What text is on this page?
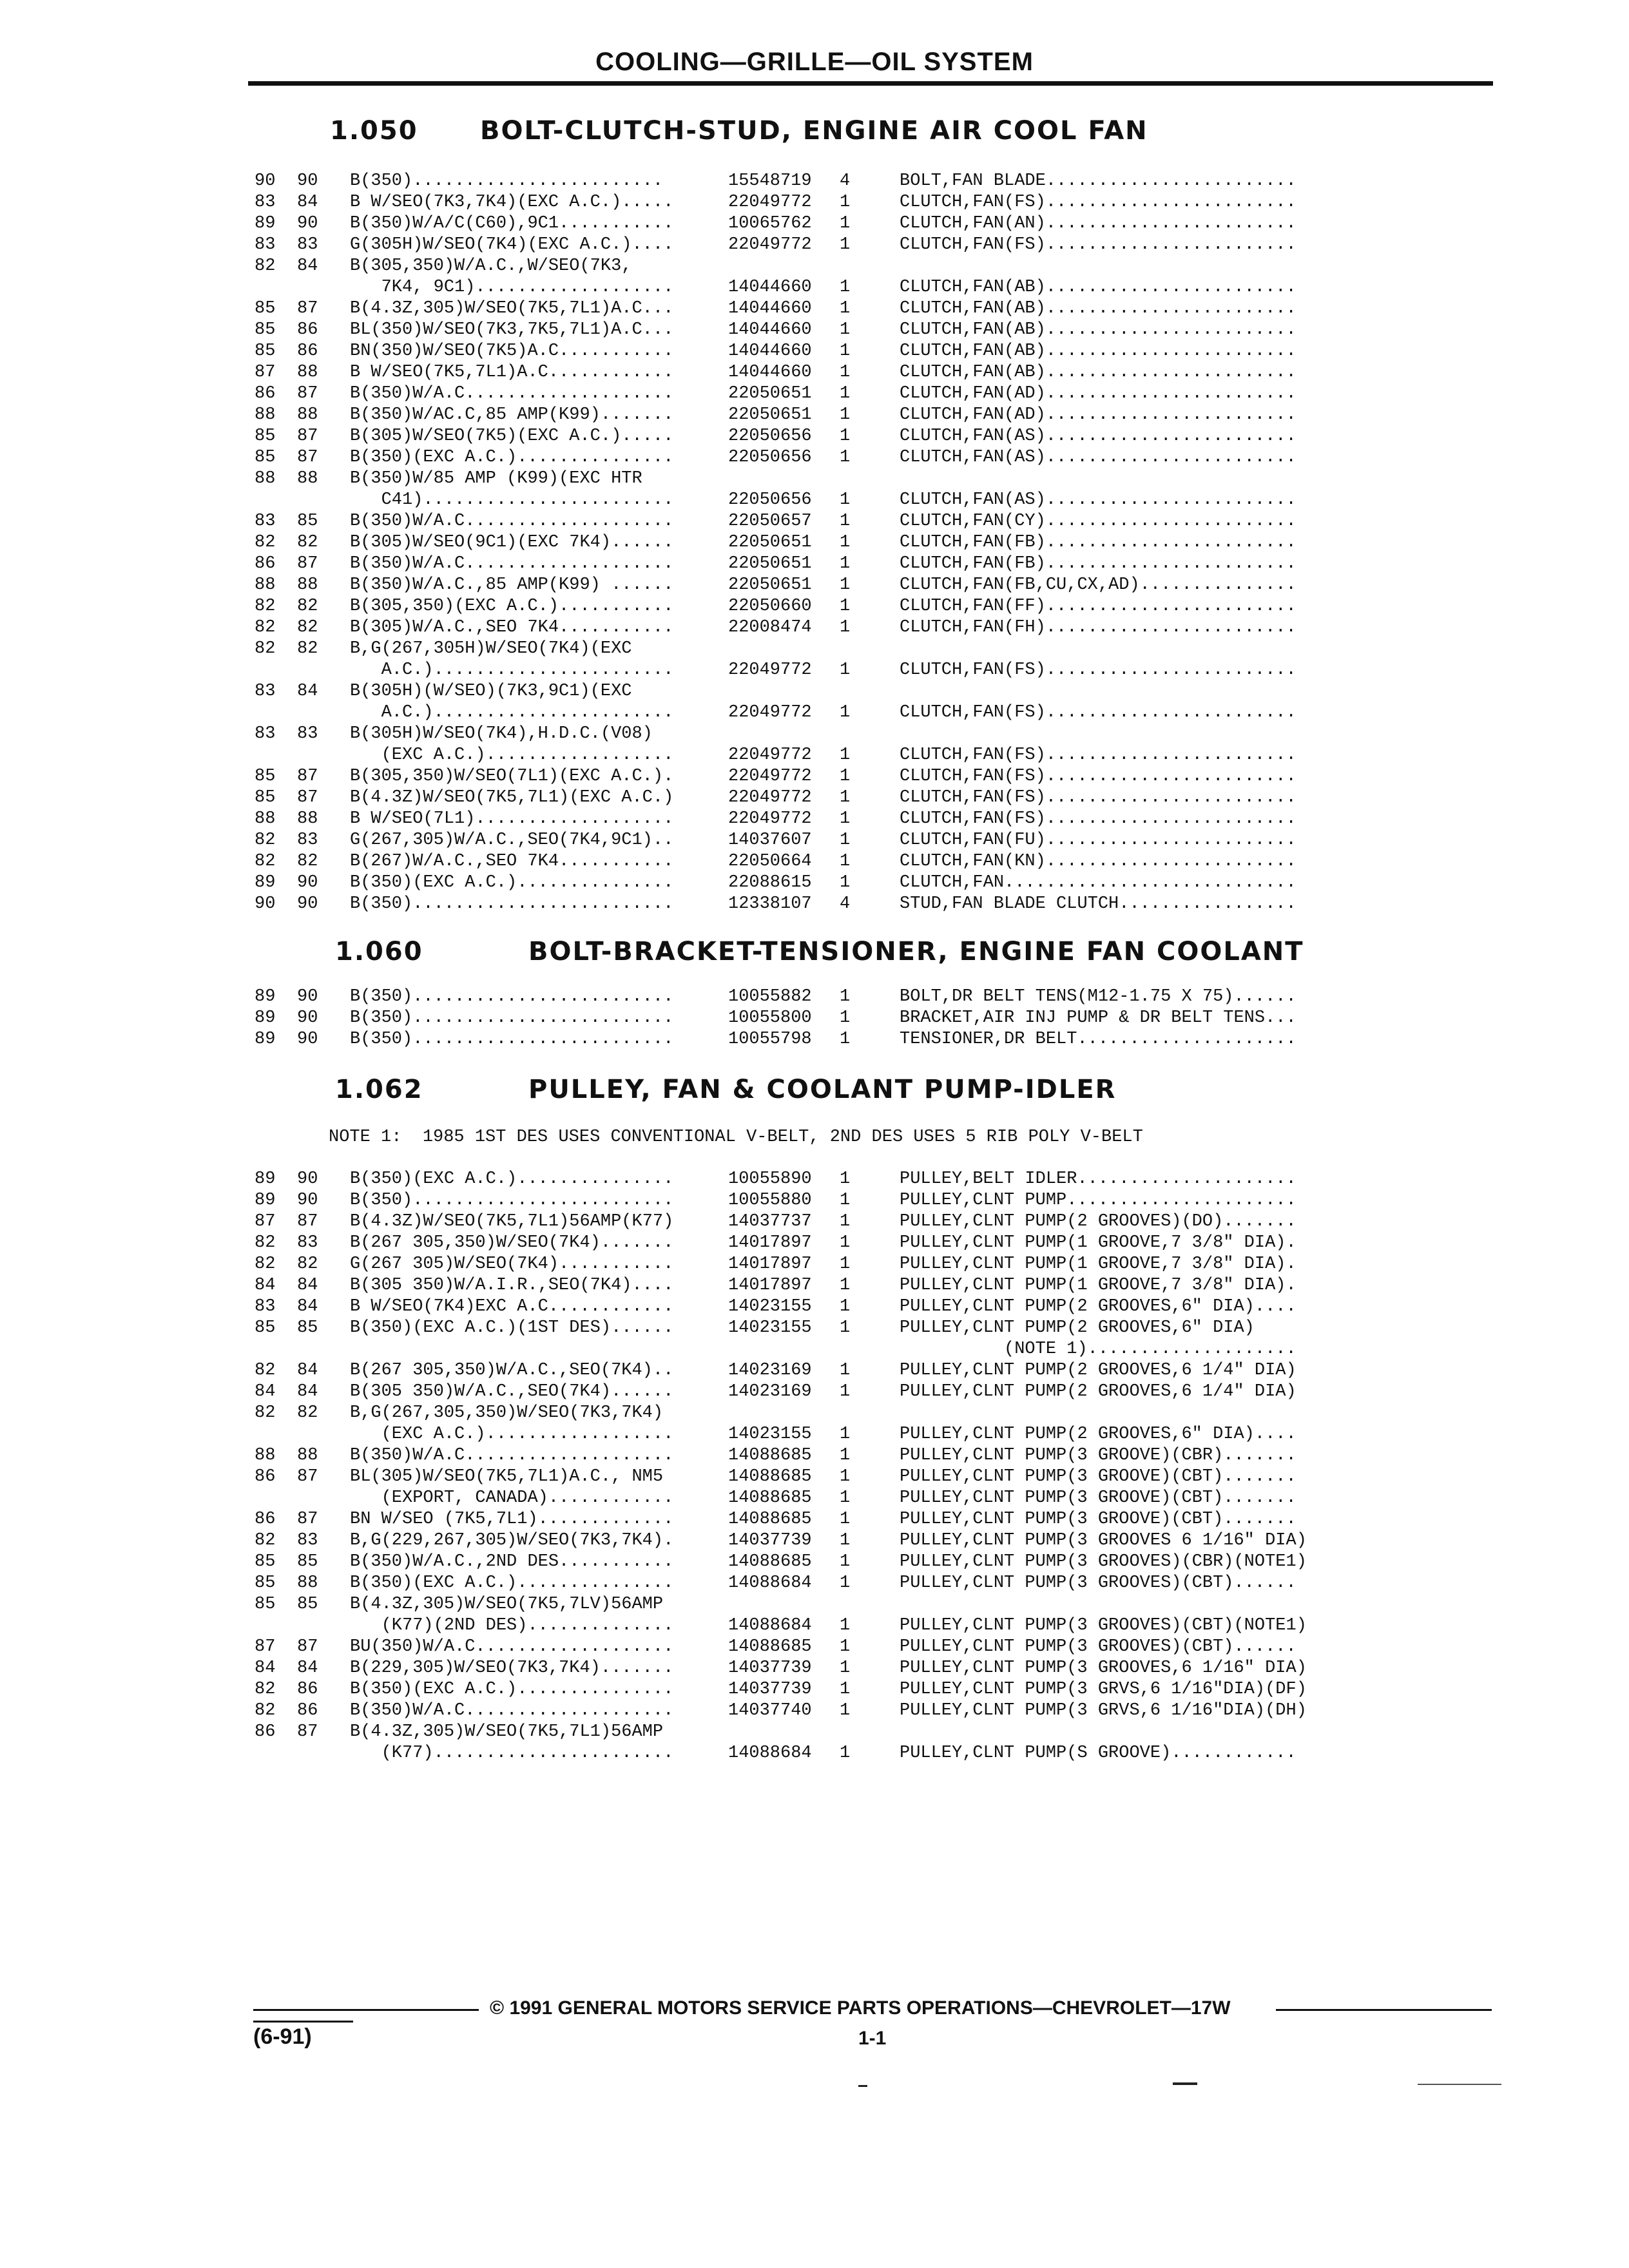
COOLING—GRILLE—OIL SYSTEM
1.050 BOLT-CLUTCH-STUD, ENGINE AIR COOL FAN
90	90	B(350)........................	15548719	4	BOLT,FAN BLADE........................
83	84	B W/SEO(7K3,7K4)(EXC A.C.).....	22049772	1	CLUTCH,FAN(FS)........................
89	90	B(350)W/A/C(C60),9C1...........	10065762	1	CLUTCH,FAN(AN)........................
83	83	G(305H)W/SEO(7K4)(EXC A.C.)....	22049772	1	CLUTCH,FAN(FS)........................
82	84	B(305,350)W/A.C.,W/SEO(7K3,
7K4, 9C1)...................	14044660	1	CLUTCH,FAN(AB)........................
85	87	B(4.3Z,305)W/SEO(7K5,7L1)A.C...	14044660	1	CLUTCH,FAN(AB)........................
85	86	BL(350)W/SEO(7K3,7K5,7L1)A.C...	14044660	1	CLUTCH,FAN(AB)........................
85	86	BN(350)W/SEO(7K5)A.C...........	14044660	1	CLUTCH,FAN(AB)........................
87	88	B W/SEO(7K5,7L1)A.C............	14044660	1	CLUTCH,FAN(AB)........................
86	87	B(350)W/A.C....................	22050651	1	CLUTCH,FAN(AD)........................
88	88	B(350)W/AC.C,85 AMP(K99).......	22050651	1	CLUTCH,FAN(AD)........................
85	87	B(305)W/SEO(7K5)(EXC A.C.).....	22050656	1	CLUTCH,FAN(AS)........................
85	87	B(350)(EXC A.C.)...............	22050656	1	CLUTCH,FAN(AS)........................
88	88	B(350)W/85 AMP (K99)(EXC HTR
C41)........................	22050656	1	CLUTCH,FAN(AS)........................
83	85	B(350)W/A.C....................	22050657	1	CLUTCH,FAN(CY)........................
82	82	B(305)W/SEO(9C1)(EXC 7K4)......	22050651	1	CLUTCH,FAN(FB)........................
86	87	B(350)W/A.C....................	22050651	1	CLUTCH,FAN(FB)........................
88	88	B(350)W/A.C.,85 AMP(K99) ......	22050651	1	CLUTCH,FAN(FB,CU,CX,AD)...............
82	82	B(305,350)(EXC A.C.)...........	22050660	1	CLUTCH,FAN(FF)........................
82	82	B(305)W/A.C.,SEO 7K4...........	22008474	1	CLUTCH,FAN(FH)........................
82	82	B,G(267,305H)W/SEO(7K4)(EXC
A.C.).......................	22049772	1	CLUTCH,FAN(FS)........................
83	84	B(305H)(W/SEO)(7K3,9C1)(EXC
A.C.).......................	22049772	1	CLUTCH,FAN(FS)........................
83	83	B(305H)W/SEO(7K4),H.D.C.(V08)
(EXC A.C.)..................	22049772	1	CLUTCH,FAN(FS)........................
85	87	B(305,350)W/SEO(7L1)(EXC A.C.).	22049772	1	CLUTCH,FAN(FS)........................
85	87	B(4.3Z)W/SEO(7K5,7L1)(EXC A.C.)	22049772	1	CLUTCH,FAN(FS)........................
88	88	B W/SEO(7L1)...................	22049772	1	CLUTCH,FAN(FS)........................
82	83	G(267,305)W/A.C.,SEO(7K4,9C1)..	14037607	1	CLUTCH,FAN(FU)........................
82	82	B(267)W/A.C.,SEO 7K4...........	22050664	1	CLUTCH,FAN(KN)........................
89	90	B(350)(EXC A.C.)...............	22088615	1	CLUTCH,FAN............................
90	90	B(350).........................	12338107	4	STUD,FAN BLADE CLUTCH.................
1.060	BOLT-BRACKET-TENSIONER, ENGINE FAN COOLANT
89	90	B(350).........................	10055882	1	BOLT,DR BELT TENS(M12-1.75 X 75)......
89	90	B(350).........................	10055800	1	BRACKET,AIR INJ PUMP & DR BELT TENS...
89	90	B(350).........................	10055798	1	TENSIONER,DR BELT.....................
1.062	PULLEY, FAN & COOLANT PUMP-IDLER
NOTE 1:  1985 1ST DES USES CONVENTIONAL V-BELT, 2ND DES USES 5 RIB POLY V-BELT
89	90	B(350)(EXC A.C.)...............	10055890	1	PULLEY,BELT IDLER.....................
89	90	B(350).........................	10055880	1	PULLEY,CLNT PUMP......................
87	87	B(4.3Z)W/SEO(7K5,7L1)56AMP(K77)	14037737	1	PULLEY,CLNT PUMP(2 GROOVES)(DO).......
82	83	B(267 305,350)W/SEO(7K4).......	14017897	1	PULLEY,CLNT PUMP(1 GROOVE,7 3/8" DIA).
82	82	G(267 305)W/SEO(7K4)...........	14017897	1	PULLEY,CLNT PUMP(1 GROOVE,7 3/8" DIA).
84	84	B(305 350)W/A.I.R.,SEO(7K4)....	14017897	1	PULLEY,CLNT PUMP(1 GROOVE,7 3/8" DIA).
83	84	B W/SEO(7K4)EXC A.C............	14023155	1	PULLEY,CLNT PUMP(2 GROOVES,6" DIA)....
85	85	B(350)(EXC A.C.)(1ST DES)......	14023155	1	PULLEY,CLNT PUMP(2 GROOVES,6" DIA)
(NOTE 1)....................
82	84	B(267 305,350)W/A.C.,SEO(7K4)..	14023169	1	PULLEY,CLNT PUMP(2 GROOVES,6 1/4" DIA)
84	84	B(305 350)W/A.C.,SEO(7K4)......	14023169	1	PULLEY,CLNT PUMP(2 GROOVES,6 1/4" DIA)
82	82	B,G(267,305,350)W/SEO(7K3,7K4)
(EXC A.C.)..................	14023155	1	PULLEY,CLNT PUMP(2 GROOVES,6" DIA)....
88	88	B(350)W/A.C....................	14088685	1	PULLEY,CLNT PUMP(3 GROOVE)(CBR).......
86	87	BL(305)W/SEO(7K5,7L1)A.C., NM5	14088685	1	PULLEY,CLNT PUMP(3 GROOVE)(CBT).......
(EXPORT, CANADA)............	14088685	1	PULLEY,CLNT PUMP(3 GROOVE)(CBT).......
86	87	BN W/SEO (7K5,7L1).............	14088685	1	PULLEY,CLNT PUMP(3 GROOVE)(CBT).......
82	83	B,G(229,267,305)W/SEO(7K3,7K4).	14037739	1	PULLEY,CLNT PUMP(3 GROOVES 6 1/16" DIA)
85	85	B(350)W/A.C.,2ND DES...........	14088685	1	PULLEY,CLNT PUMP(3 GROOVES)(CBR)(NOTE1)
85	88	B(350)(EXC A.C.)...............	14088684	1	PULLEY,CLNT PUMP(3 GROOVES)(CBT)......
85	85	B(4.3Z,305)W/SEO(7K5,7LV)56AMP
(K77)(2ND DES)..............	14088684	1	PULLEY,CLNT PUMP(3 GROOVES)(CBT)(NOTE1)
87	87	BU(350)W/A.C...................	14088685	1	PULLEY,CLNT PUMP(3 GROOVES)(CBT)......
84	84	B(229,305)W/SEO(7K3,7K4).......	14037739	1	PULLEY,CLNT PUMP(3 GROOVES,6 1/16" DIA)
82	86	B(350)(EXC A.C.)...............	14037739	1	PULLEY,CLNT PUMP(3 GRVS,6 1/16"DIA)(DF)
82	86	B(350)W/A.C....................	14037740	1	PULLEY,CLNT PUMP(3 GRVS,6 1/16"DIA)(DH)
86	87	B(4.3Z,305)W/SEO(7K5,7L1)56AMP
(K77).......................	14088684	1	PULLEY,CLNT PUMP(S GROOVE)............
© 1991 GENERAL MOTORS SERVICE PARTS OPERATIONS—CHEVROLET—17W
(6-91)	1-1
